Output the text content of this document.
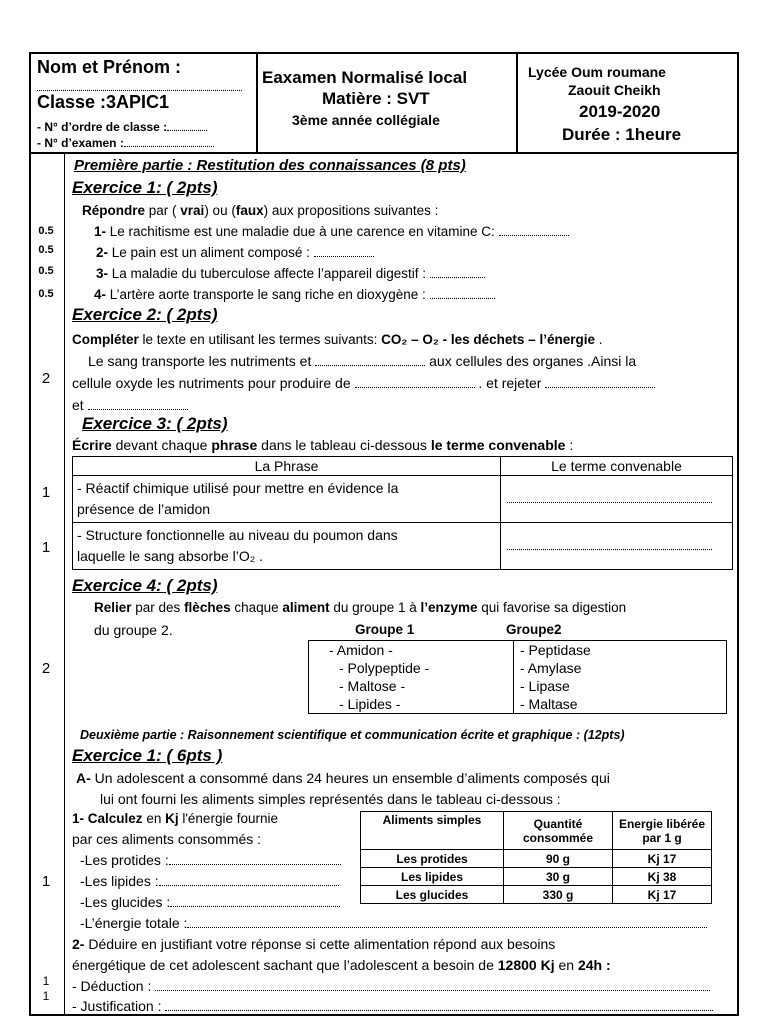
Nom et Prénom :
Classe :3APIC1
- N° d’ordre de classe :
- N° d’examen :
Eaxamen Normalisé local
Matière : SVT
3ème année collégiale
Lycée Oum roumane
Zaouit Cheikh
2019-2020
Durée : 1heure
Première partie : Restitution des connaissances (8 pts)
Exercice 1: ( 2pts)
Répondre par ( vrai) ou (faux) aux propositions suivantes :
1- Le rachitisme est une maladie due à une carence en vitamine C:
2- Le pain est un aliment composé :
3- La maladie du tuberculose affecte l’appareil digestif :
4- L’artère aorte transporte le sang riche en dioxygène :
0.5
0.5
0.5
0.5
Exercice 2: ( 2pts)
Compléter le texte en utilisant les termes suivants: CO₂ – O₂ - les déchets – l’énergie .
Le sang transporte les nutriments et	aux cellules des organes .Ainsi la
cellule oxyde les nutriments pour produire de	. et rejeter
et
2
Exercice 3: ( 2pts)
Écrire devant chaque phrase dans le tableau ci-dessous le terme convenable :
La Phrase	Le terme convenable
- Réactif chimique utilisé pour mettre en évidence la
présence de l’amidon	
- Structure fonctionnelle au niveau du poumon dans
laquelle le sang absorbe l’O₂ .	
1
1
Exercice 4: ( 2pts)
Relier par des flèches chaque aliment du groupe 1 à l’enzyme qui favorise sa digestion
du groupe 2.	Groupe 1	Groupe2
- Amidon -	- Peptidase
- Polypeptide -	- Amylase
- Maltose -	- Lipase
- Lipides -	- Maltase
2
Deuxième partie : Raisonnement scientifique et communication écrite et graphique : (12pts)
Exercice 1: ( 6pts )
A- Un adolescent a consommé dans 24 heures un ensemble d’aliments composés qui
lui ont fourni les aliments simples représentés dans le tableau ci-dessous :
1- Calculez en Kj l'énergie fournie
par ces aliments consommés :
-Les protides :
-Les lipides :
-Les glucides :
-L’énergie totale :
1
Aliments simples	Quantité consommée	Energie libérée par 1 g
Les protides	90 g	Kj 17
Les lipides	30 g	Kj 38
Les glucides	330 g	Kj 17
2- Déduire en justifiant votre réponse si cette alimentation répond aux besoins
énergétique de cet adolescent sachant que l’adolescent a besoin de 12800 Kj en 24h :
- Déduction :
- Justification :
1
1
